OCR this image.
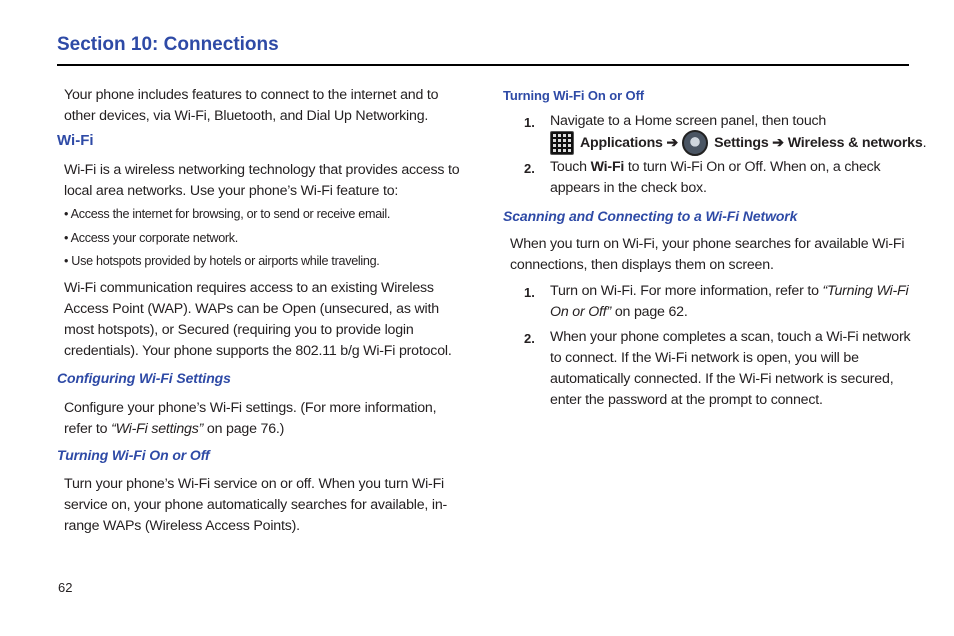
Section 10: Connections

Your phone includes features to connect to the internet and to other devices, via Wi-Fi, Bluetooth, and Dial Up Networking.

Wi-Fi

Wi-Fi is a wireless networking technology that provides access to local area networks. Use your phone’s Wi-Fi feature to:

• Access the internet for browsing, or to send or receive email.
• Access your corporate network.
• Use hotspots provided by hotels or airports while traveling.

Wi-Fi communication requires access to an existing Wireless Access Point (WAP). WAPs can be Open (unsecured, as with most hotspots), or Secured (requiring you to provide login credentials). Your phone supports the 802.11 b/g Wi-Fi protocol.

Configuring Wi-Fi Settings

Configure your phone’s Wi-Fi settings. (For more information, refer to “Wi-Fi settings” on page 76.)

Turning Wi-Fi On or Off

Turn your phone’s Wi-Fi service on or off. When you turn Wi-Fi service on, your phone automatically searches for available, in-range WAPs (Wireless Access Points).

Turning Wi-Fi On or Off
1. Navigate to a Home screen panel, then touch
Applications ➔	Settings ➔ Wireless & networks.
2. Touch Wi-Fi to turn Wi-Fi On or Off. When on, a check appears in the check box.

Scanning and Connecting to a Wi-Fi Network

When you turn on Wi-Fi, your phone searches for available Wi-Fi connections, then displays them on screen.

1. Turn on Wi-Fi. For more information, refer to “Turning Wi-Fi On or Off” on page 62.

2. When your phone completes a scan, touch a Wi-Fi network to connect. If the Wi-Fi network is open, you will be automatically connected. If the Wi-Fi network is secured, enter the password at the prompt to connect.

62
